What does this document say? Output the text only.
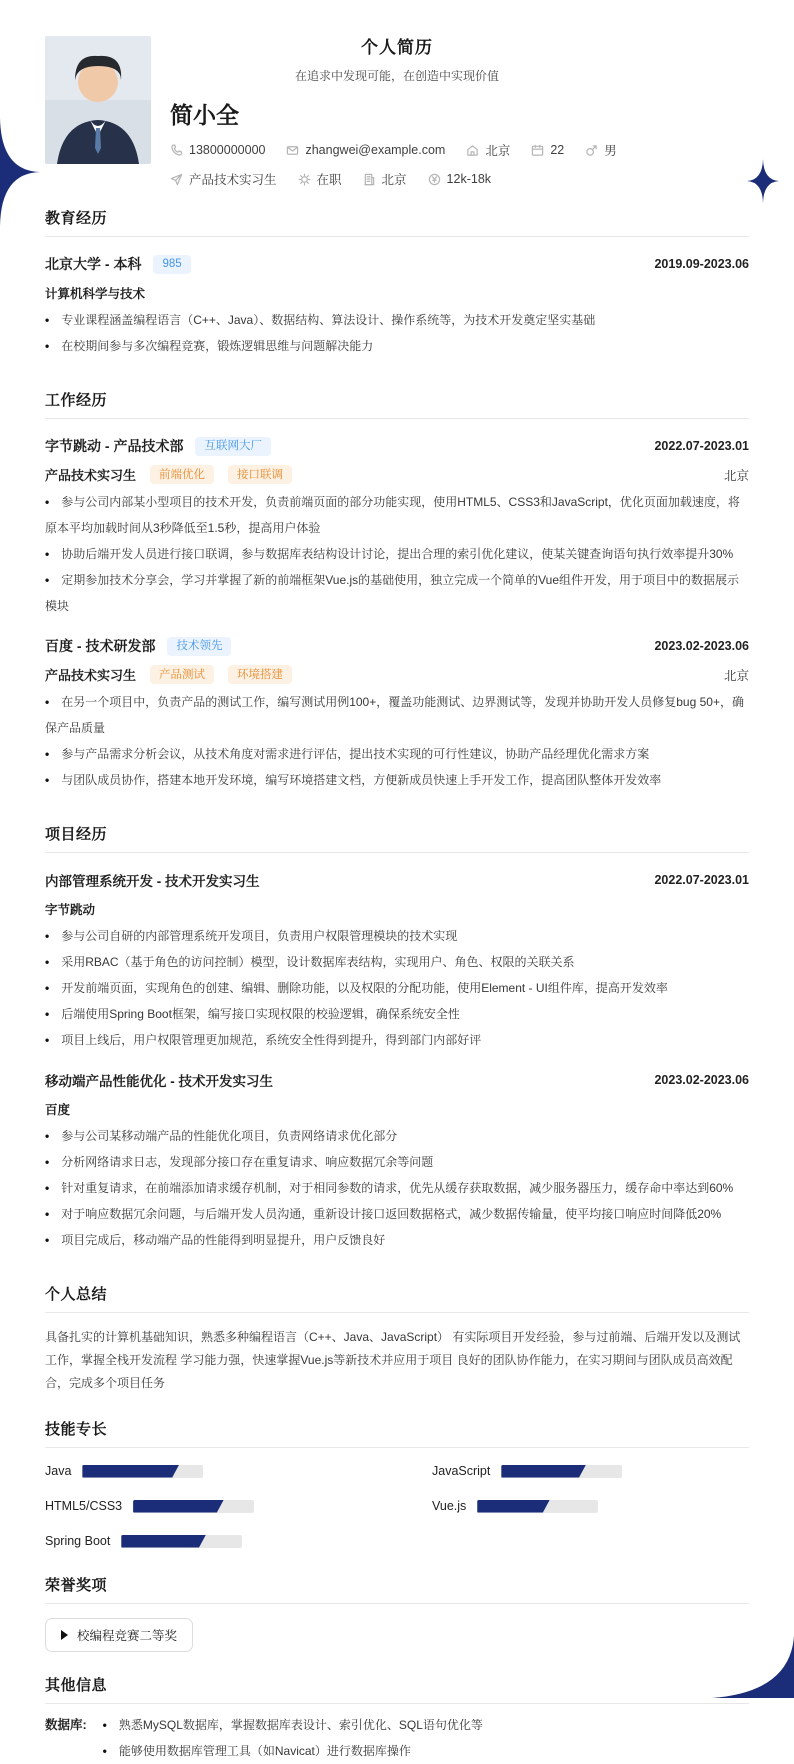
个人简历
在追求中发现可能，在创造中实现价值
简小全
13800000000	zhangwei@example.com	北京	22	男
产品技术实习生	在职	北京	12k-18k
教育经历
北京大学 - 本科	985	2019.09-2023.06
计算机科学与技术
• 专业课程涵盖编程语言（C++、Java）、数据结构、算法设计、操作系统等，为技术开发奠定坚实基础
• 在校期间参与多次编程竞赛，锻炼逻辑思维与问题解决能力
工作经历
字节跳动 - 产品技术部	互联网大厂	2022.07-2023.01
产品技术实习生	前端优化	接口联调	北京
• 参与公司内部某小型项目的技术开发，负责前端页面的部分功能实现，使用HTML5、CSS3和JavaScript，优化页面加载速度，将原本平均加载时间从3秒降低至1.5秒，提高用户体验
• 协助后端开发人员进行接口联调，参与数据库表结构设计讨论，提出合理的索引优化建议，使某关键查询语句执行效率提升30%
• 定期参加技术分享会，学习并掌握了新的前端框架Vue.js的基础使用，独立完成一个简单的Vue组件开发，用于项目中的数据展示模块
百度 - 技术研发部	技术领先	2023.02-2023.06
产品技术实习生	产品测试	环境搭建	北京
• 在另一个项目中，负责产品的测试工作，编写测试用例100+，覆盖功能测试、边界测试等，发现并协助开发人员修复bug 50+，确保产品质量
• 参与产品需求分析会议，从技术角度对需求进行评估，提出技术实现的可行性建议，协助产品经理优化需求方案
• 与团队成员协作，搭建本地开发环境，编写环境搭建文档，方便新成员快速上手开发工作，提高团队整体开发效率
项目经历
内部管理系统开发 - 技术开发实习生	2022.07-2023.01
字节跳动
• 参与公司自研的内部管理系统开发项目，负责用户权限管理模块的技术实现
• 采用RBAC（基于角色的访问控制）模型，设计数据库表结构，实现用户、角色、权限的关联关系
• 开发前端页面，实现角色的创建、编辑、删除功能，以及权限的分配功能，使用Element - UI组件库，提高开发效率
• 后端使用Spring Boot框架，编写接口实现权限的校验逻辑，确保系统安全性
• 项目上线后，用户权限管理更加规范，系统安全性得到提升，得到部门内部好评
移动端产品性能优化 - 技术开发实习生	2023.02-2023.06
百度
• 参与公司某移动端产品的性能优化项目，负责网络请求优化部分
• 分析网络请求日志，发现部分接口存在重复请求、响应数据冗余等问题
• 针对重复请求，在前端添加请求缓存机制，对于相同参数的请求，优先从缓存获取数据，减少服务器压力，缓存命中率达到60%
• 对于响应数据冗余问题，与后端开发人员沟通，重新设计接口返回数据格式，减少数据传输量，使平均接口响应时间降低20%
• 项目完成后，移动端产品的性能得到明显提升，用户反馈良好
个人总结

具备扎实的计算机基础知识，熟悉多种编程语言（C++、Java、JavaScript） 有实际项目开发经验，参与过前端、后端开发以及测试工作，掌握全栈开发流程 学习能力强，快速掌握Vue.js等新技术并应用于项目 良好的团队协作能力，在实习期间与团队成员高效配合，完成多个项目任务

技能专长
Java	JavaScript
HTML5/CSS3	Vue.js
Spring Boot
荣誉奖项
校编程竞赛二等奖
其他信息
数据库: • 熟悉MySQL数据库，掌握数据库表设计、索引优化、SQL语句优化等
• 能够使用数据库管理工具（如Navicat）进行数据库操作
